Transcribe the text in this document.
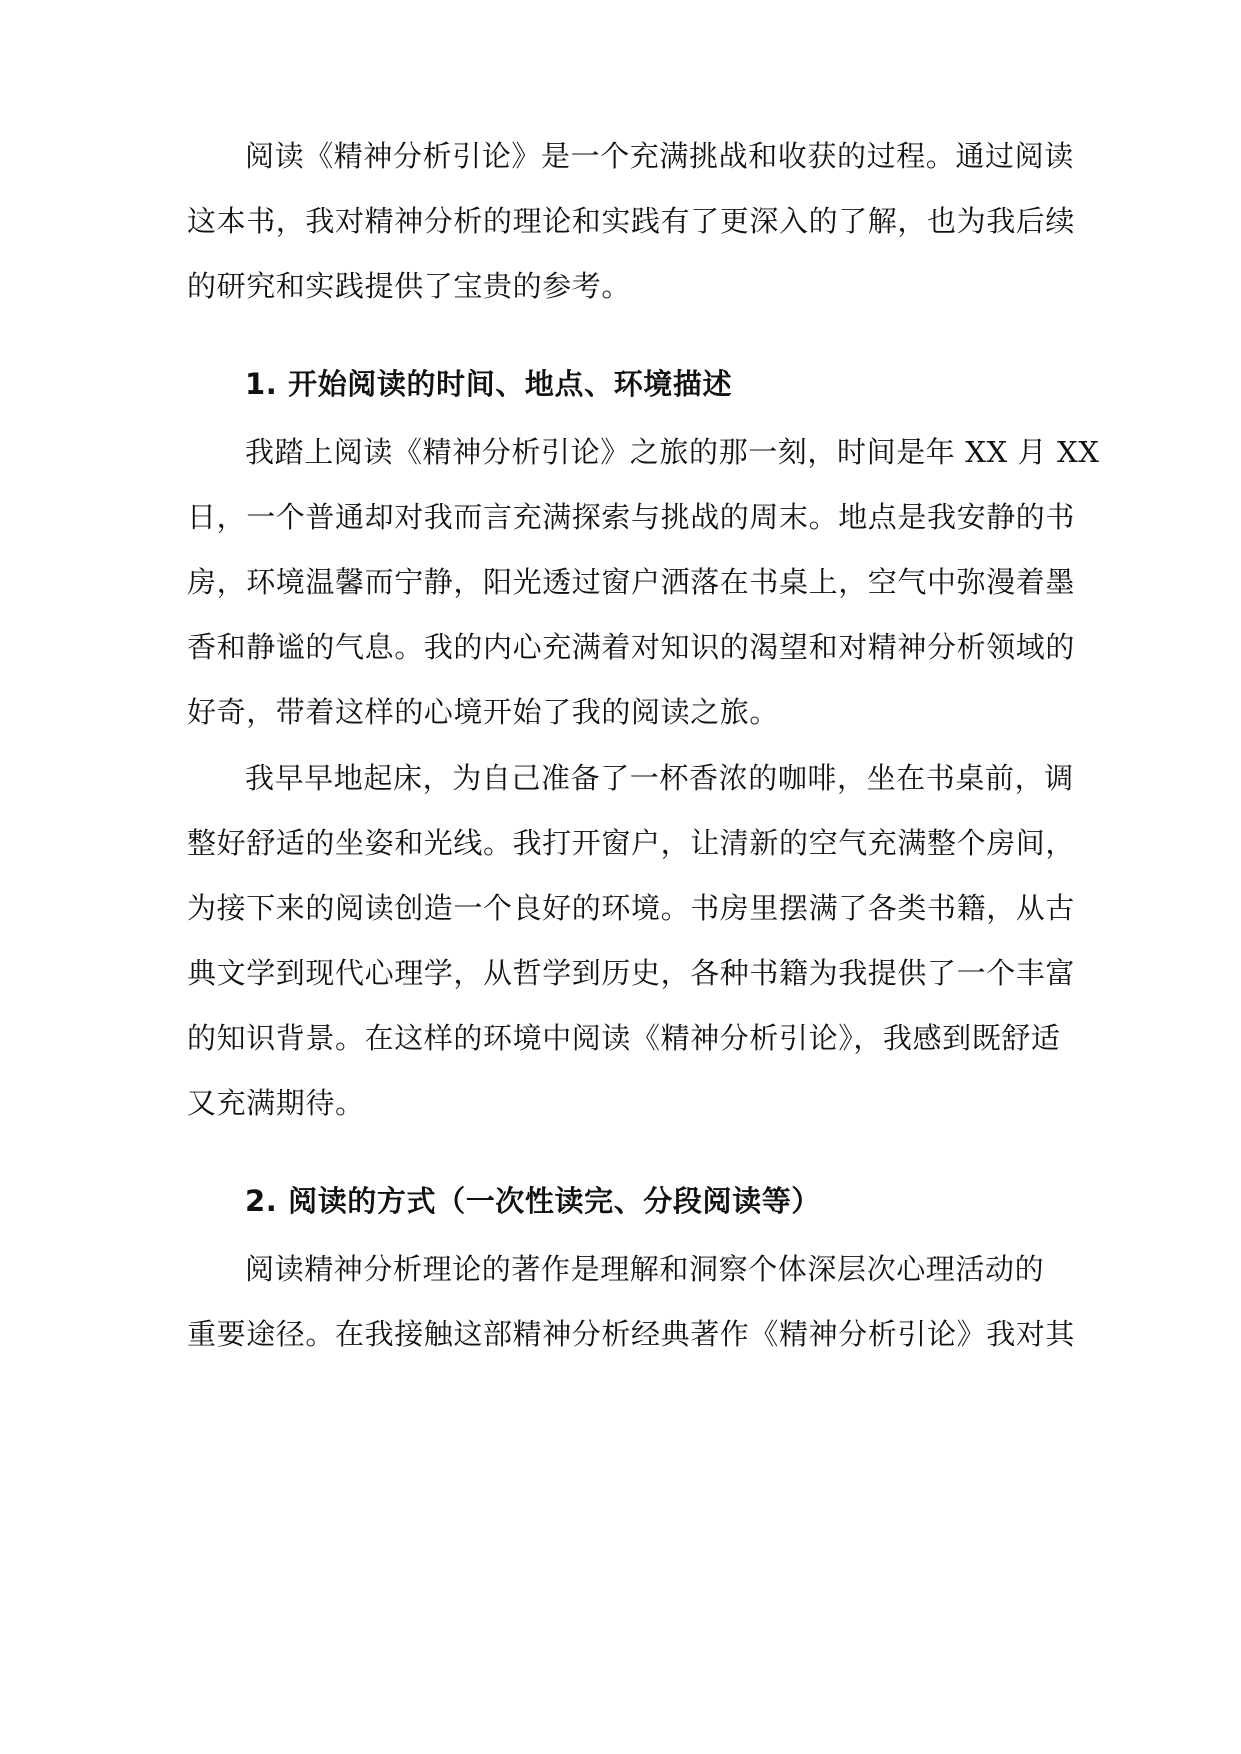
阅读《精神分析引论》是一个充满挑战和收获的过程。通过阅读
这本书，我对精神分析的理论和实践有了更深入的了解，也为我后续
的研究和实践提供了宝贵的参考。
1. 开始阅读的时间、地点、环境描述
我踏上阅读《精神分析引论》之旅的那一刻，时间是年 XX 月 XX
日，一个普通却对我而言充满探索与挑战的周末。地点是我安静的书
房，环境温馨而宁静，阳光透过窗户洒落在书桌上，空气中弥漫着墨
香和静谧的气息。我的内心充满着对知识的渴望和对精神分析领域的
好奇，带着这样的心境开始了我的阅读之旅。
我早早地起床，为自己准备了一杯香浓的咖啡，坐在书桌前，调
整好舒适的坐姿和光线。我打开窗户，让清新的空气充满整个房间，
为接下来的阅读创造一个良好的环境。书房里摆满了各类书籍，从古
典文学到现代心理学，从哲学到历史，各种书籍为我提供了一个丰富
的知识背景。在这样的环境中阅读《精神分析引论》，我感到既舒适
又充满期待。
2. 阅读的方式（一次性读完、分段阅读等）
阅读精神分析理论的著作是理解和洞察个体深层次心理活动的
重要途径。在我接触这部精神分析经典著作《精神分析引论》我对其
